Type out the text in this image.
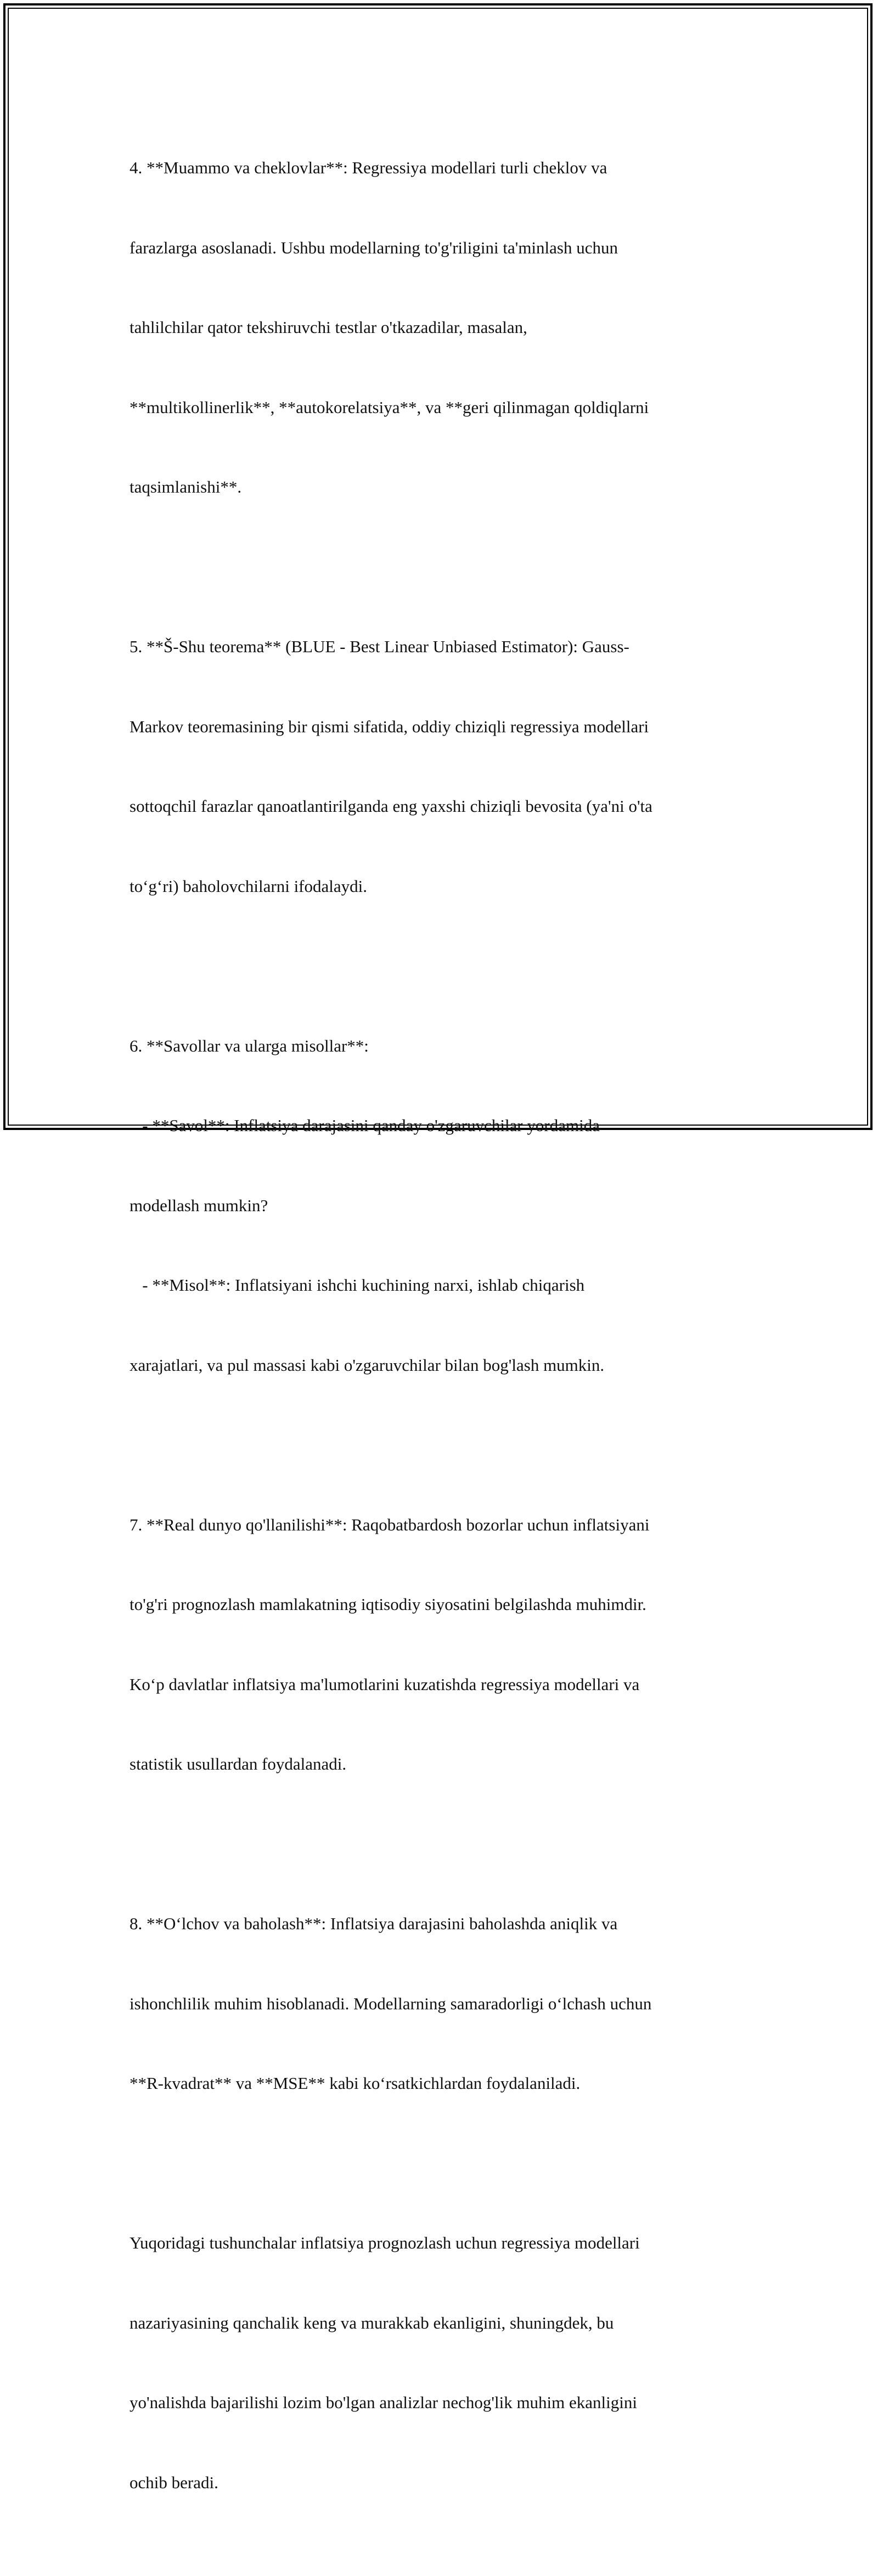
4. **Muammo va cheklovlar**: Regressiya modellari turli cheklov va

farazlarga asoslanadi. Ushbu modellarning to'g'riligini ta'minlash uchun

tahlilchilar qator tekshiruvchi testlar o'tkazadilar, masalan,

**multikollinerlik**, **autokorelatsiya**, va **geri qilinmagan qoldiqlarni

taqsimlanishi**.

5. **Š-Shu teorema** (BLUE - Best Linear Unbiased Estimator): Gauss-

Markov teoremasining bir qismi sifatida, oddiy chiziqli regressiya modellari

sottoqchil farazlar qanoatlantirilganda eng yaxshi chiziqli bevosita (ya'ni o'ta

to‘g‘ri) baholovchilarni ifodalaydi.

6. **Savollar va ularga misollar**:

- **Savol**: Inflatsiya darajasini qanday o'zgaruvchilar yordamida

modellash mumkin?

- **Misol**: Inflatsiyani ishchi kuchining narxi, ishlab chiqarish

xarajatlari, va pul massasi kabi o'zgaruvchilar bilan bog'lash mumkin.

7. **Real dunyo qo'llanilishi**: Raqobatbardosh bozorlar uchun inflatsiyani

to'g'ri prognozlash mamlakatning iqtisodiy siyosatini belgilashda muhimdir.

Ko‘p davlatlar inflatsiya ma'lumotlarini kuzatishda regressiya modellari va

statistik usullardan foydalanadi.

8. **O‘lchov va baholash**: Inflatsiya darajasini baholashda aniqlik va

ishonchlilik muhim hisoblanadi. Modellarning samaradorligi o‘lchash uchun

**R-kvadrat** va **MSE** kabi ko‘rsatkichlardan foydalaniladi.

Yuqoridagi tushunchalar inflatsiya prognozlash uchun regressiya modellari

nazariyasining qanchalik keng va murakkab ekanligini, shuningdek, bu

yo'nalishda bajarilishi lozim bo'lgan analizlar nechog'lik muhim ekanligini

ochib beradi.
